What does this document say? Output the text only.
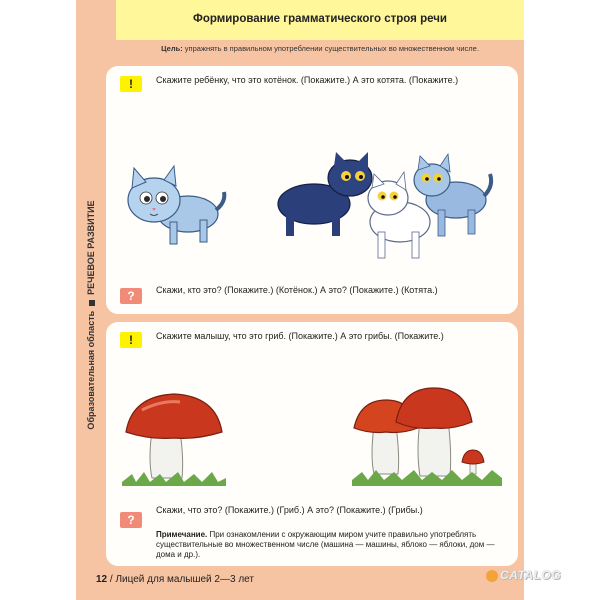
Образовательная областьРЕЧЕВОЕ РАЗВИТИЕ
Формирование грамматического строя речи
Цель: упражнять в правильном употреблении существительных во множественном числе.
!	Скажите ребёнку, что это котёнок. (Покажите.) А это котята. (Покажите.)
?	Скажи, кто это? (Покажите.) (Котёнок.) А это? (Покажите.) (Котята.)
!	Скажите малышу, что это гриб. (Покажите.) А это грибы. (Покажите.)
?
Скажи, что это? (Покажите.) (Гриб.) А это? (Покажите.) (Грибы.)
Примечание. При ознакомлении с окружающим миром учите правильно употреблять существительные во множественном числе (машина — машины, яблоко — яблоки, дом — дома и др.).
12 / Лицей для малышей 2—3 лет	CATALOG
